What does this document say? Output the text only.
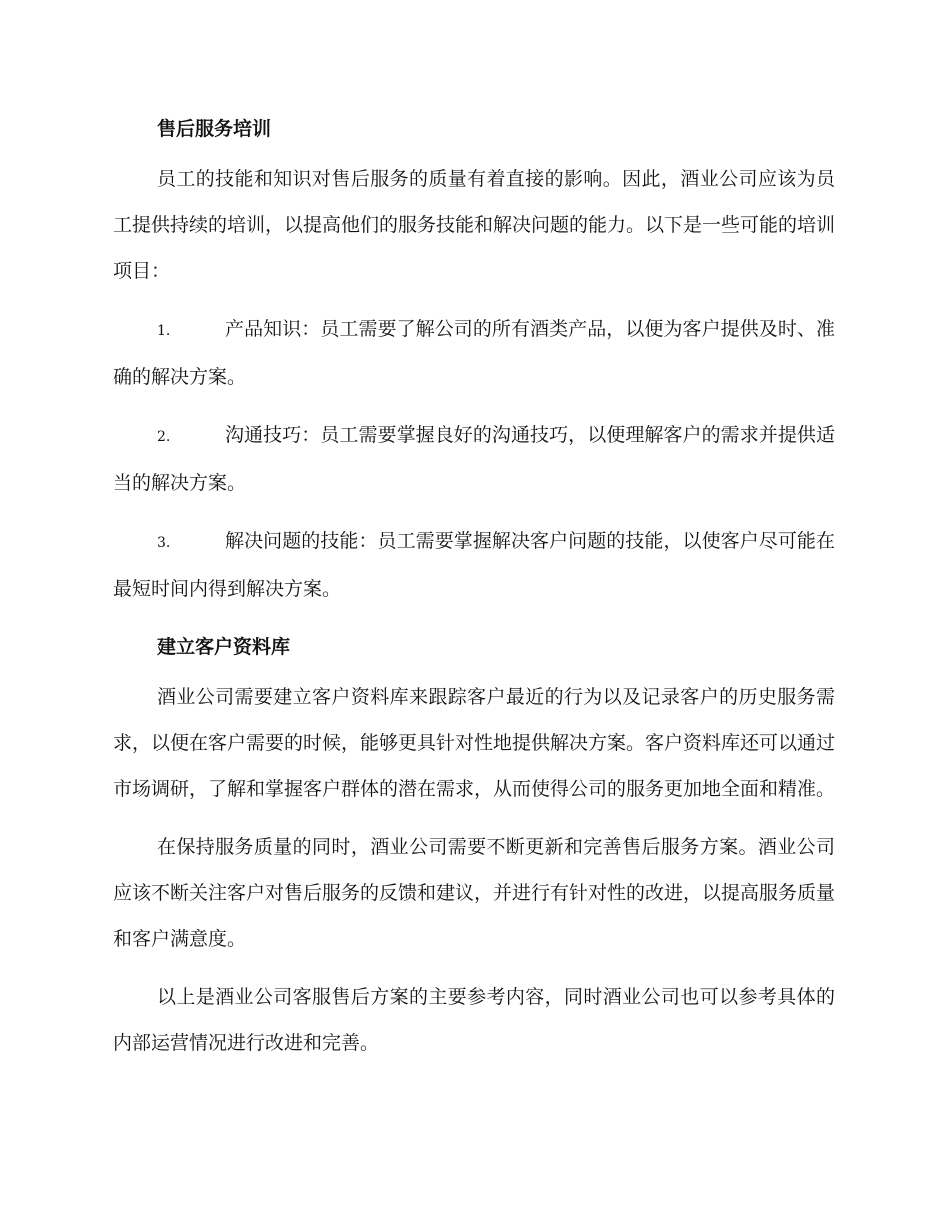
售后服务培训

员工的技能和知识对售后服务的质量有着直接的影响。因此，酒业公司应该为员工提供持续的培训，以提高他们的服务技能和解决问题的能力。以下是一些可能的培训项目：

1.	产品知识：员工需要了解公司的所有酒类产品，以便为客户提供及时、准确的解决方案。
2.	沟通技巧：员工需要掌握良好的沟通技巧，以便理解客户的需求并提供适当的解决方案。
3.	解决问题的技能：员工需要掌握解决客户问题的技能，以使客户尽可能在最短时间内得到解决方案。
建立客户资料库

酒业公司需要建立客户资料库来跟踪客户最近的行为以及记录客户的历史服务需求，以便在客户需要的时候，能够更具针对性地提供解决方案。客户资料库还可以通过市场调研，了解和掌握客户群体的潜在需求，从而使得公司的服务更加地全面和精准。

在保持服务质量的同时，酒业公司需要不断更新和完善售后服务方案。酒业公司应该不断关注客户对售后服务的反馈和建议，并进行有针对性的改进，以提高服务质量和客户满意度。

以上是酒业公司客服售后方案的主要参考内容，同时酒业公司也可以参考具体的内部运营情况进行改进和完善。
